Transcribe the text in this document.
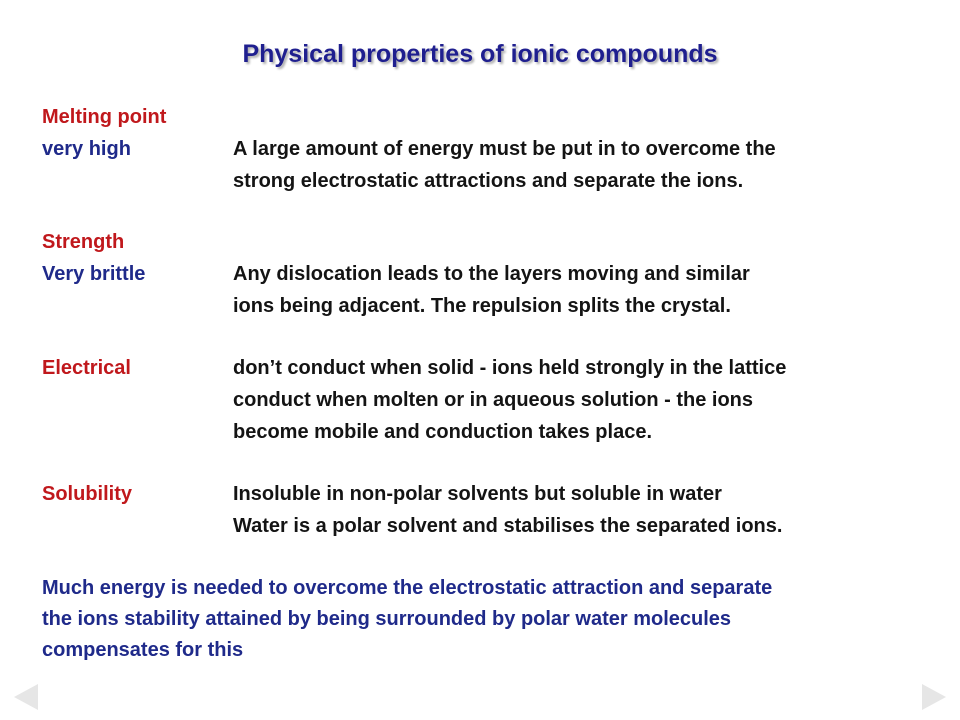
Physical properties of ionic compounds
Melting point
very high	A large amount of energy must be put in to overcome the
strong electrostatic attractions and separate the ions.
Strength
Very brittle	Any dislocation leads to the layers moving and similar
ions being adjacent. The repulsion splits the crystal.
Electrical	don’t conduct when solid - ions held strongly in the lattice
conduct when molten or in aqueous solution - the ions
become mobile and conduction takes place.
Solubility	Insoluble in non-polar solvents but soluble in water
Water is a polar solvent and stabilises the separated ions.
Much energy is needed to overcome the electrostatic attraction and separate
the ions stability attained by being surrounded by polar water molecules
compensates for this
